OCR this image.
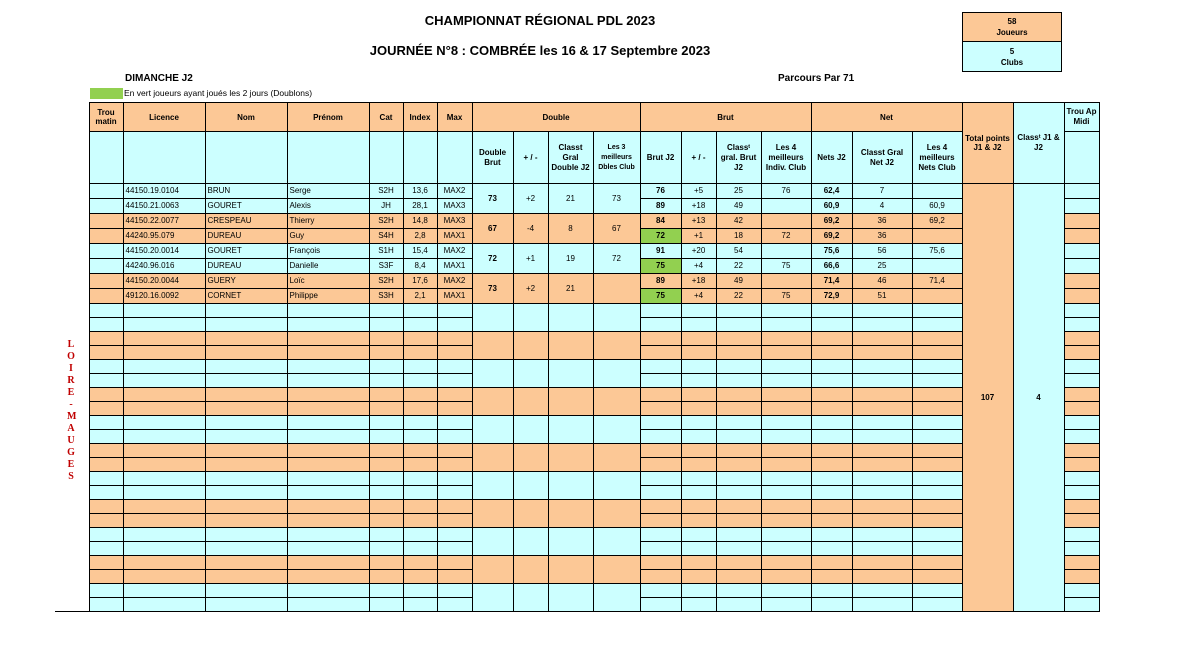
CHAMPIONNAT RÉGIONAL PDL 2023
JOURNÉE N°8 : COMBRÉE les 16 & 17 Septembre 2023
58
Joueurs
5
Clubs
DIMANCHE J2	Parcours Par 71
En vert joueurs ayant joués les 2 jours (Doublons)
	Trou matin	Licence	Nom	Prénom	Cat	Index	Max	Double				Brut				Net			Total points J1 & J2	Classᵗ J1 & J2	Trou Ap Midi
								Double Brut	+ / -	Classt Gral Double J2	Les 3 meilleurs Dbles Club	Brut J2	+ / -	Classᵗ gral. Brut J2	Les 4 meilleurs Indiv. Club	Nets J2	Classt Gral Net J2	Les 4 meilleurs Nets Club			
		44150.19.0104	BRUN	Serge	S2H	13,6	MAX2	73	+2	21	73	76	+5	25	76	62,4	7		107	4	
		44150.21.0063	GOURET	Alexis	JH	28,1	MAX3					89	+18	49		60,9	4	60,9			
		44150.22.0077	CRESPEAU	Thierry	S2H	14,8	MAX3	67	-4	8	67	84	+13	42		69,2	36	69,2			
		44240.95.079	DUREAU	Guy	S4H	2,8	MAX1					72	+1	18	72	69,2	36				
		44150.20.0014	GOURET	François	S1H	15,4	MAX2	72	+1	19	72	91	+20	54		75,6	56	75,6			
		44240.96.016	DUREAU	Danielle	S3F	8,4	MAX1					75	+4	22	75	66,6	25				
		44150.20.0044	GUERY	Loïc	S2H	17,6	MAX2	73	+2	21		89	+18	49		71,4	46	71,4			
		49120.16.0092	CORNET	Philippe	S3H	2,1	MAX1					75	+4	22	75	72,9	51				

LOIRE-MAUGES
